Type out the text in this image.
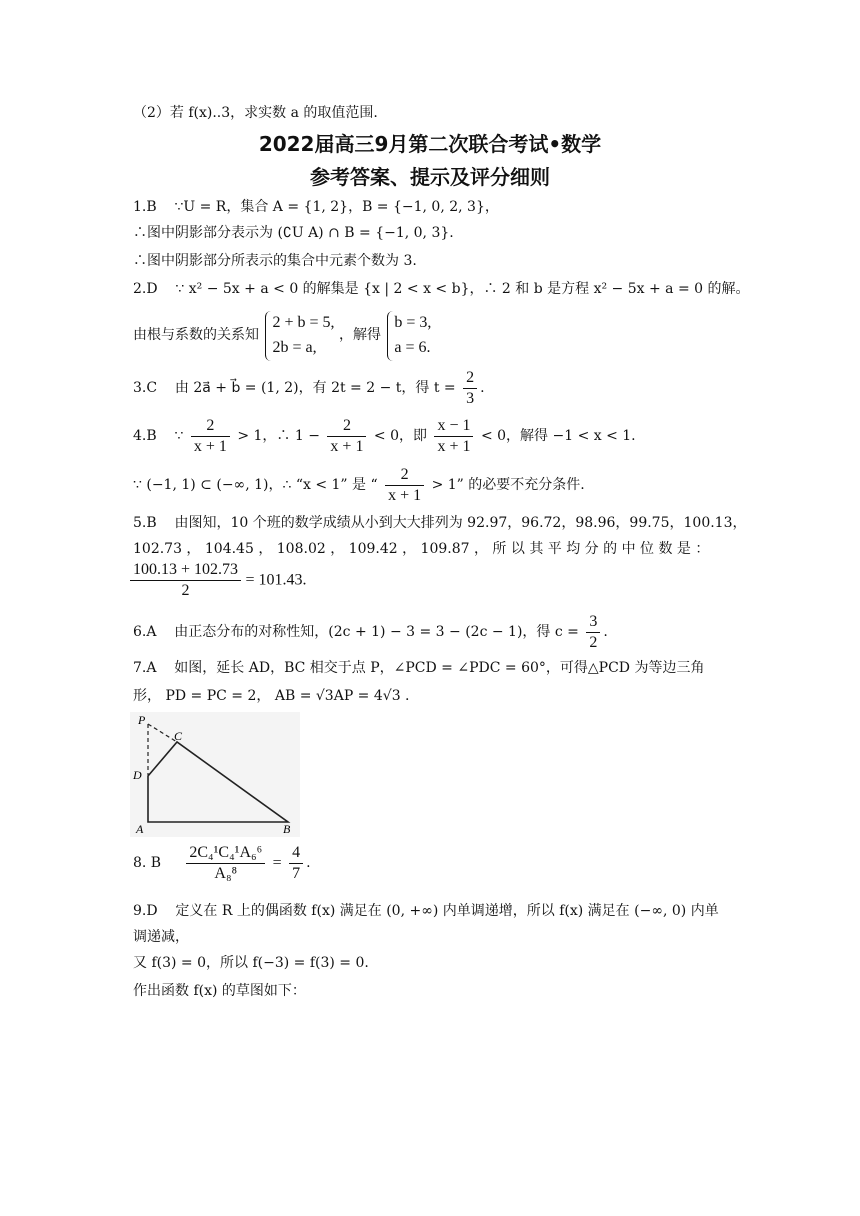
（2）若 f(x)..3，求实数 a 的取值范围.
2022届高三9月第二次联合考试•数学
参考答案、提示及评分细则
1.B ∵U = R，集合 A = {1, 2}，B = {−1, 0, 2, 3}，
∴图中阴影部分表示为 (∁U A) ∩ B = {−1, 0, 3}.
∴图中阴影部分所表示的集合中元素个数为 3.
2.D ∵ x² − 5x + a < 0 的解集是 {x | 2 < x < b}，∴ 2 和 b 是方程 x² − 5x + a = 0 的解。
由根与系数的关系知
2 + b = 5,
2b = a,
，解得
b = 3,
a = 6.
3.C 由 2a⃗ + b⃗ = (1, 2)，有 2t = 2 − t，得 $t = \frac{2}{3}$ .
4.B ∵ $\frac{2}{x + 1} > 1$，∴ $1 - \frac{2}{x + 1} < 0$，即 $\frac{x - 1}{x + 1} < 0$，解得 −1 < x < 1.
∵ (−1, 1) ⊂ (−∞, 1)，∴ “x < 1” 是 “ $\frac{2}{x + 1} > 1$” 的必要不充分条件.
5.B 由图知，10 个班的数学成绩从小到大大排列为 92.97，96.72，98.96，99.75，100.13，
102.73 ， 104.45 ， 108.02 ， 109.42 ， 109.87 ， 所 以 其 平 均 分 的 中 位 数 是 ：
$\frac{100.13 + 102.73}{2} = 101.43$.
6.A 由正态分布的对称性知，(2c + 1) − 3 = 3 − (2c − 1)，得 $c = \frac{3}{2}$ .
7.A 如图，延长 AD，BC 相交于点 P，∠PCD = ∠PDC = 60°，可得△PCD 为等边三角
形， PD = PC = 2， AB = √3AP = 4√3 .
P
C
D
A	B
8. B $\frac{\text{2C₄¹C₄¹A₆⁶}}{\text{A₈⁸}} = \frac{4}{7}$ .
9.D 定义在 R 上的偶函数 f(x) 满足在 (0, +∞) 内单调递增，所以 f(x) 满足在 (−∞, 0) 内单
调递减，
又 f(3) = 0，所以 f(−3) = f(3) = 0.
作出函数 f(x) 的草图如下：
